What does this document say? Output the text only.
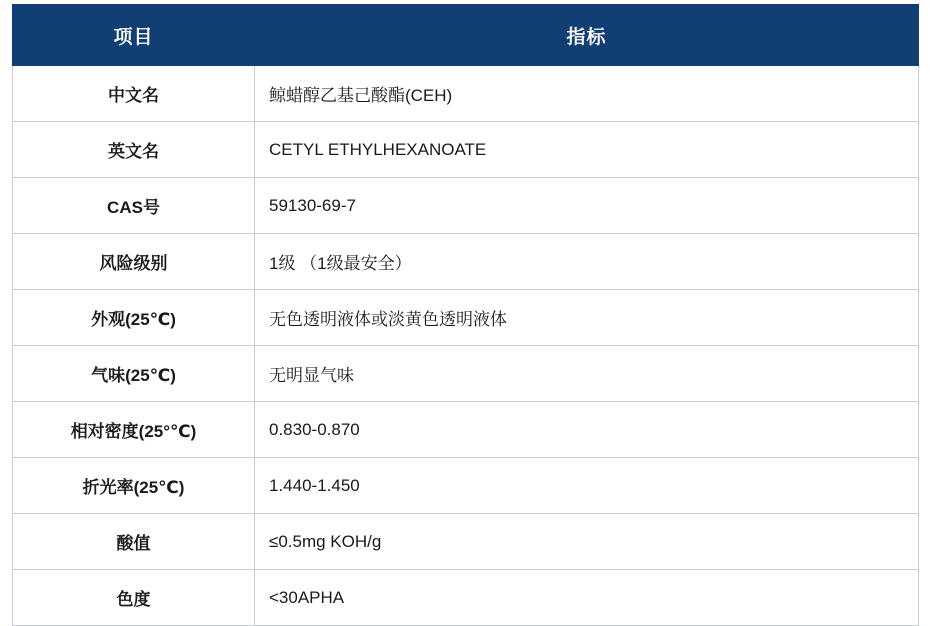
项目	指标
中文名	鲸蜡醇乙基己酸酯(CEH)
英文名	CETYL ETHYLHEXANOATE
CAS号	59130-69-7
风险级别	1级 （1级最安全）
外观(25℃)	无色透明液体或淡黄色透明液体
气味(25℃)	无明显气味
相对密度(25°℃)	0.830-0.870
折光率(25℃)	1.440-1.450
酸值	≤0.5mg KOH/g
色度	<30APHA
